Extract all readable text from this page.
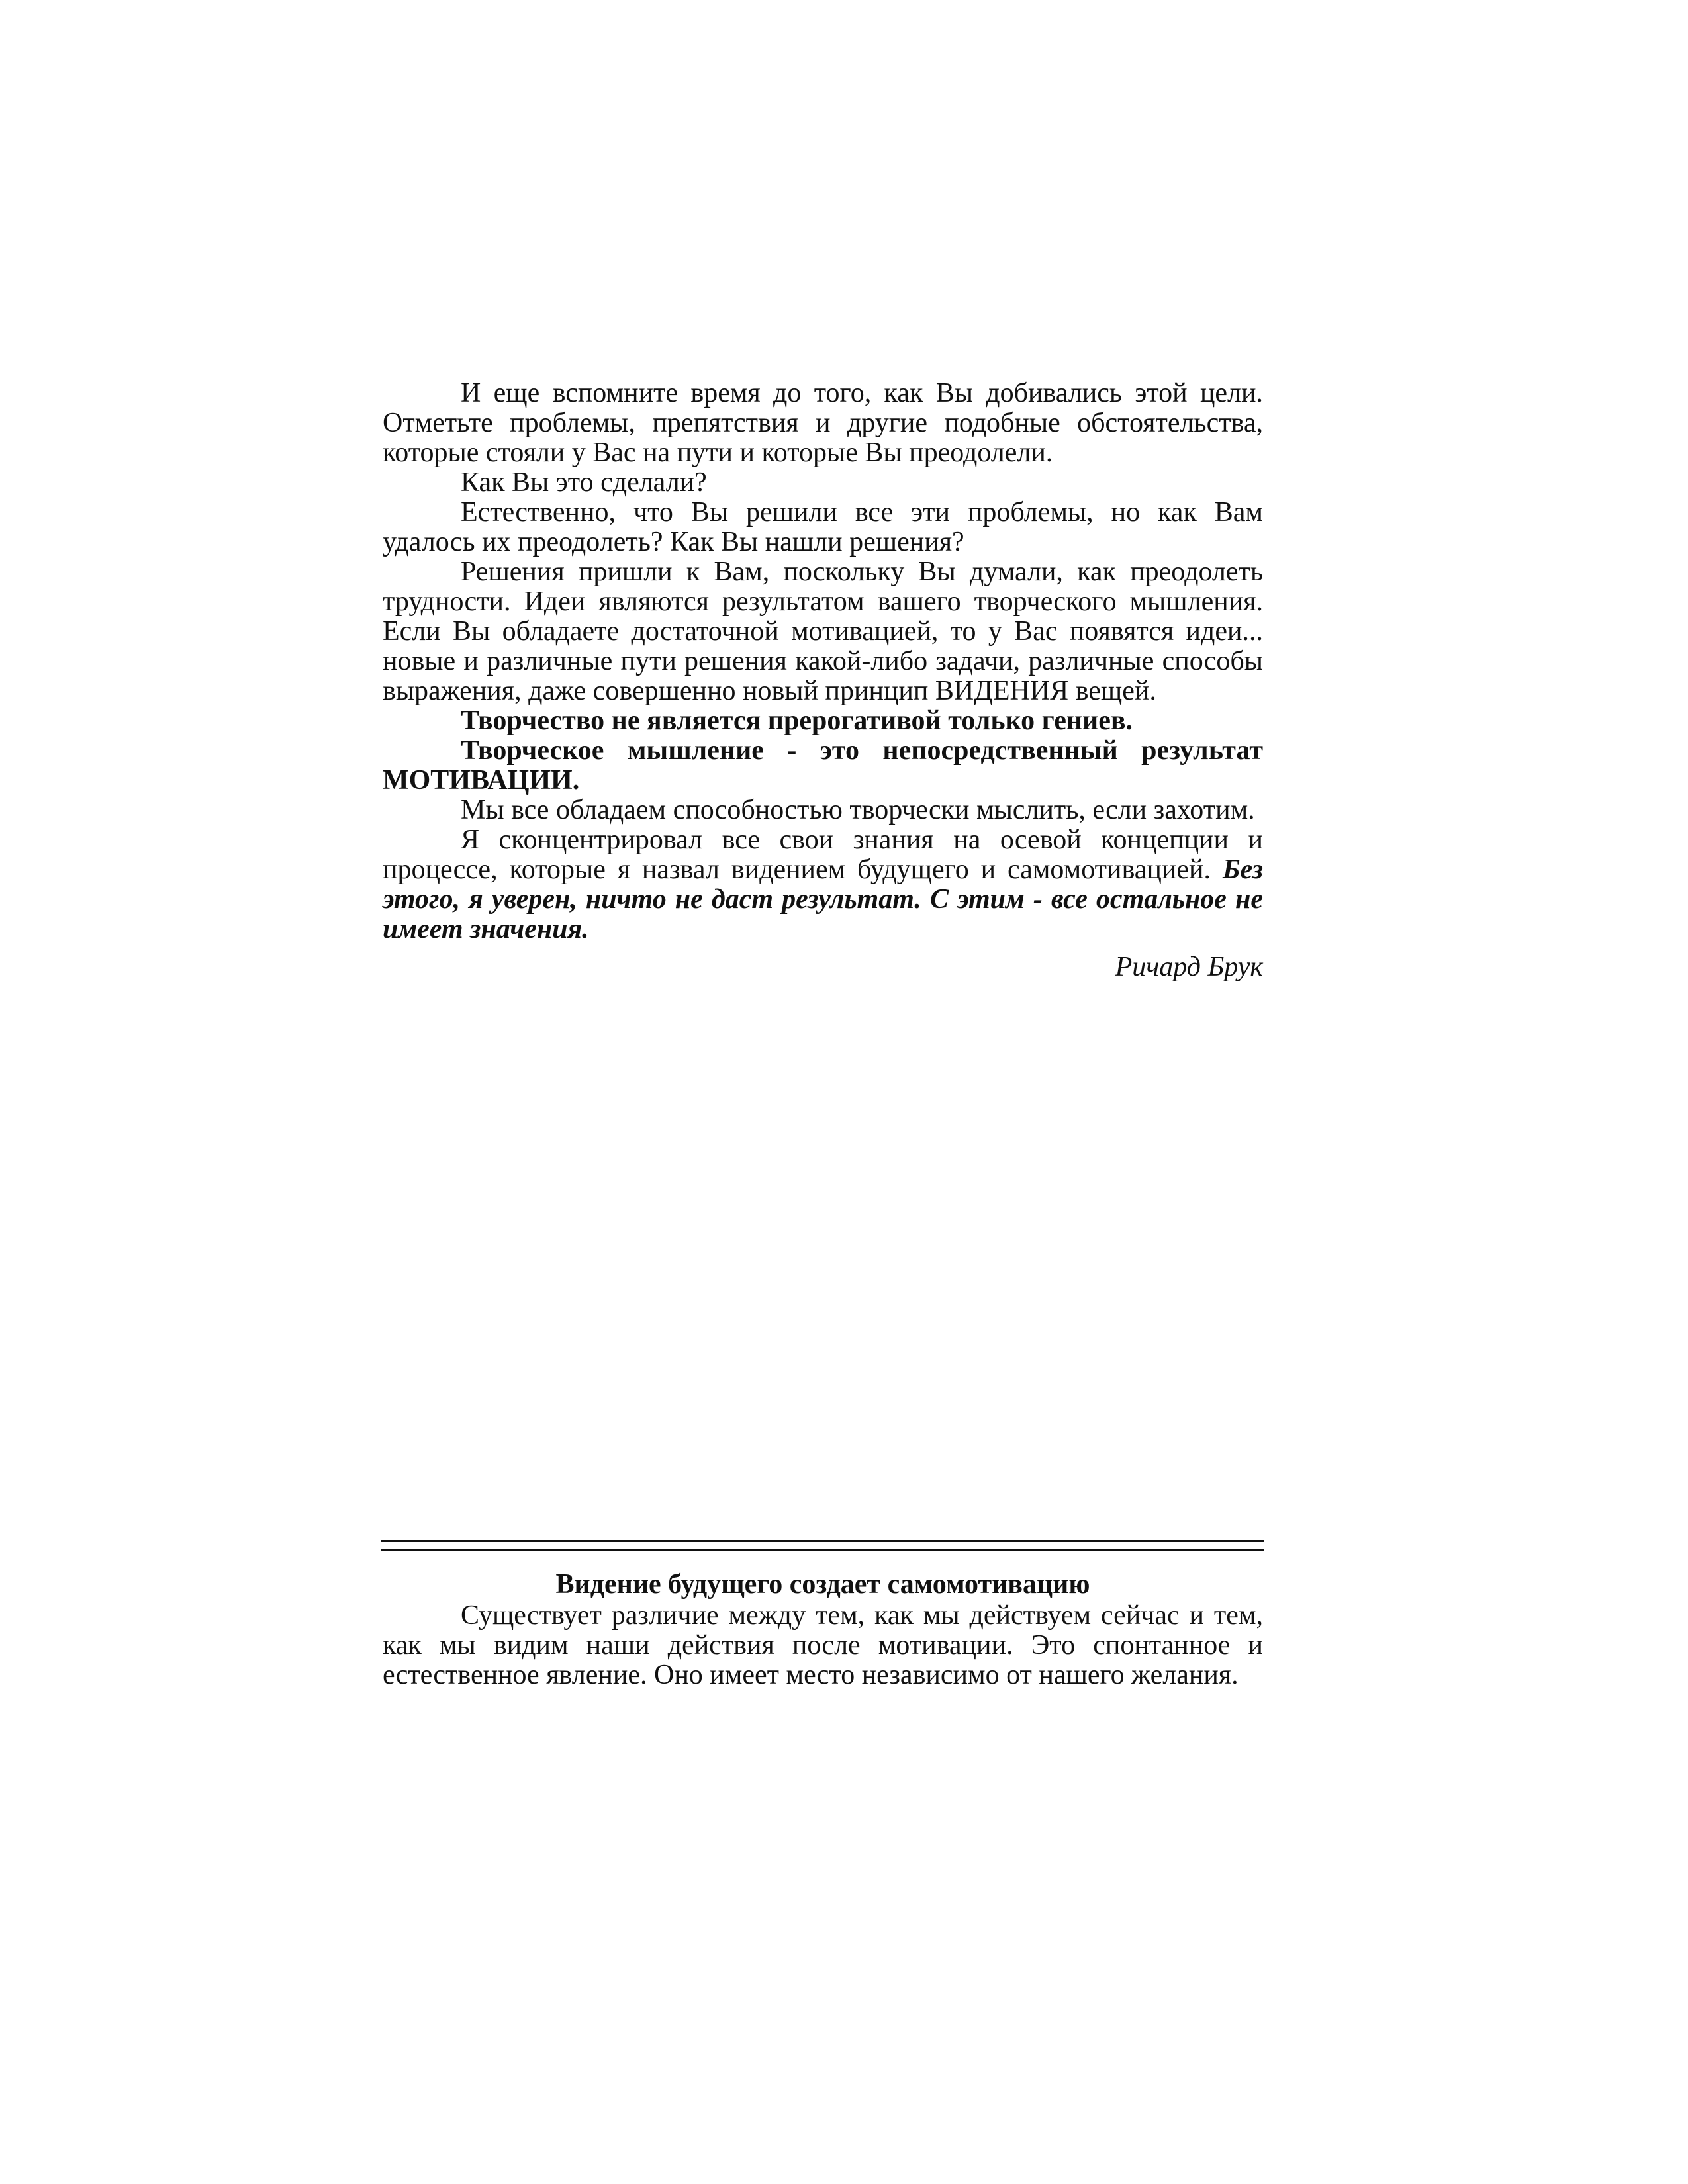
И еще вспомните время до того, как Вы добивались этой цели. Отметьте проблемы, препятствия и другие подобные обстоятельства, которые стояли у Вас на пути и которые Вы преодолели.

Как Вы это сделали?

Естественно, что Вы решили все эти проблемы, но как Вам удалось их преодолеть? Как Вы нашли решения?

Решения пришли к Вам, поскольку Вы думали, как преодолеть трудности. Идеи являются результатом вашего творческого мышления. Если Вы обладаете достаточной мотивацией, то у Вас появятся идеи... новые и различные пути решения какой-либо задачи, различные способы выражения, даже совершенно новый принцип ВИДЕНИЯ вещей.

Творчество не является прерогативой только гениев.

Творческое мышление - это непосредственный результат МОТИВАЦИИ.

Мы все обладаем способностью творчески мыслить, если захотим.

Я сконцентрировал все свои знания на осевой концепции и процессе, которые я назвал видением будущего и самомотивацией. Без этого, я уверен, ничто не даст результат. С этим - все остальное не имеет значения.

Ричард Брук

Видение будущего создает самомотивацию

Существует различие между тем, как мы действуем сейчас и тем, как мы видим наши действия после мотивации. Это спонтанное и естественное явление. Оно имеет место независимо от нашего желания.
